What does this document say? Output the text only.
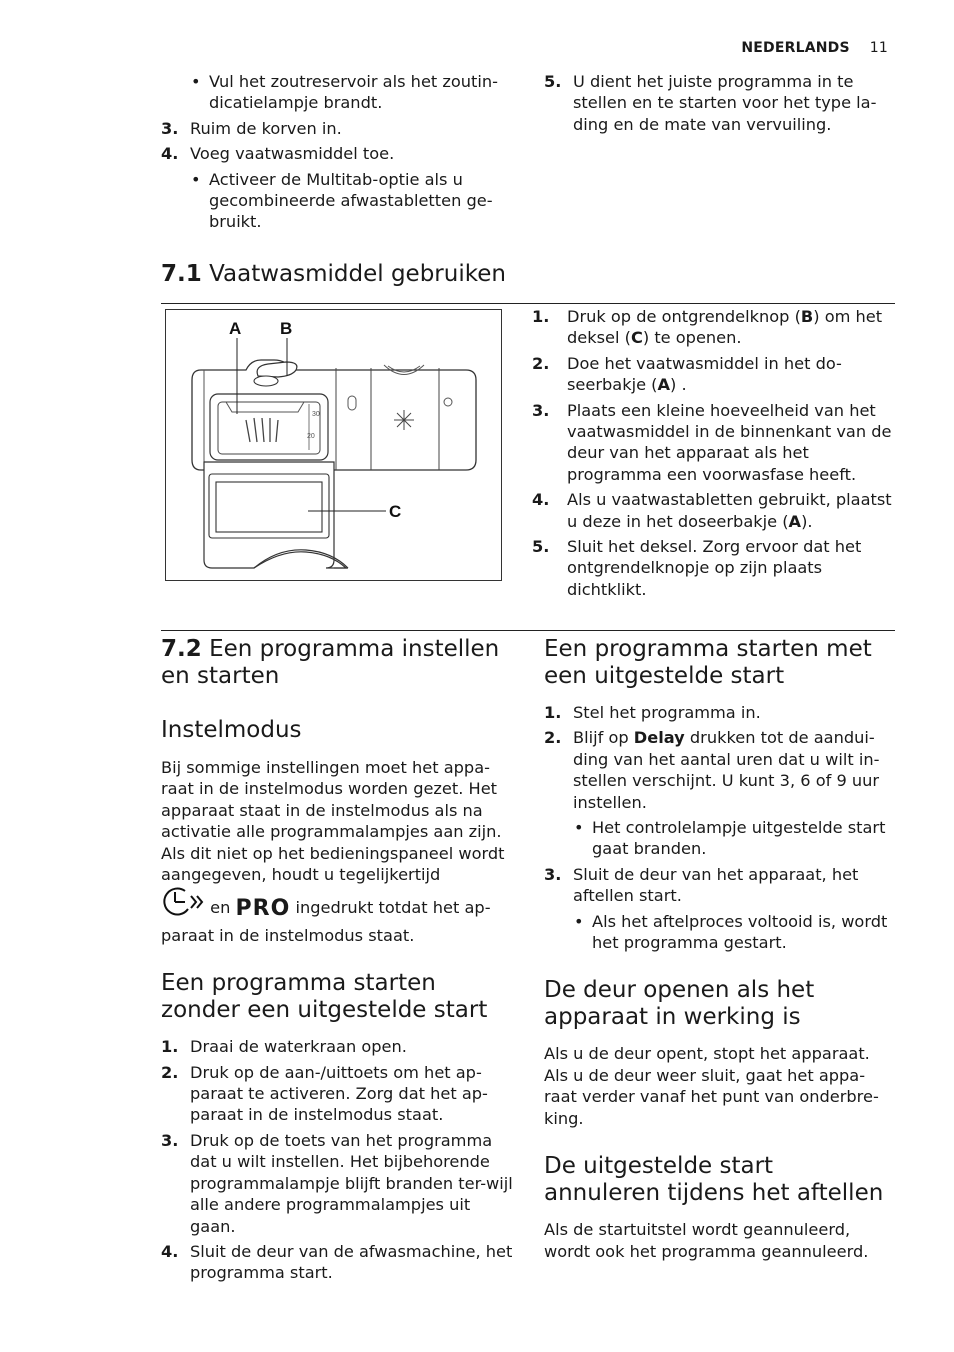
NEDERLANDS 11
• Vul het zoutreservoir als het zoutin-dicatielampje brandt.
3. Ruim de korven in.
4. Voeg vaatwasmiddel toe.
• Activeer de Multitab-optie als u gecombineerde afwastabletten ge-bruikt.
5. U dient het juiste programma in te stellen en te starten voor het type la-ding en de mate van vervuiling.
7.1 Vaatwasmiddel gebruiken
30
20
A B
C
1. Druk op de ontgrendelknop (B) om het deksel (C) te openen.
2. Doe het vaatwasmiddel in het do-seerbakje (A) .
3. Plaats een kleine hoeveelheid van het vaatwasmiddel in de binnenkant van de deur van het apparaat als het programma een voorwasfase heeft.
4. Als u vaatwastabletten gebruikt, plaatst u deze in het doseerbakje (A).
5. Sluit het deksel. Zorg ervoor dat het ontgrendelknopje op zijn plaats dichtklikt.
7.2 Een programma instellen en starten
Instelmodus

Bij sommige instellingen moet het appa-raat in de instelmodus worden gezet. Het apparaat staat in de instelmodus als na activatie alle programmalampjes aan zijn.

Als dit niet op het bedieningspaneel wordt aangegeven, houdt u tegelijkertijd
en PRO ingedrukt totdat het ap-paraat in de instelmodus staat.

Een programma starten zonder een uitgestelde start
1. Draai de waterkraan open.
2. Druk op de aan-/uittoets om het ap-paraat te activeren. Zorg dat het ap-paraat in de instelmodus staat.
3. Druk op de toets van het programma dat u wilt instellen. Het bijbehorende programmalampje blijft branden ter-wijl alle andere programmalampjes uit gaan.
4. Sluit de deur van de afwasmachine, het programma start.
Een programma starten met een uitgestelde start
1. Stel het programma in.
2. Blijf op Delay drukken tot de aandui-ding van het aantal uren dat u wilt in-stellen verschijnt. U kunt 3, 6 of 9 uur instellen.
• Het controlelampje uitgestelde start gaat branden.
3. Sluit de deur van het apparaat, het aftellen start.
• Als het aftelproces voltooid is, wordt het programma gestart.
De deur openen als het apparaat in werking is

Als u de deur opent, stopt het apparaat. Als u de deur weer sluit, gaat het appa-raat verder vanaf het punt van onderbre-king.

De uitgestelde start annuleren tijdens het aftellen

Als de startuitstel wordt geannuleerd, wordt ook het programma geannuleerd.
